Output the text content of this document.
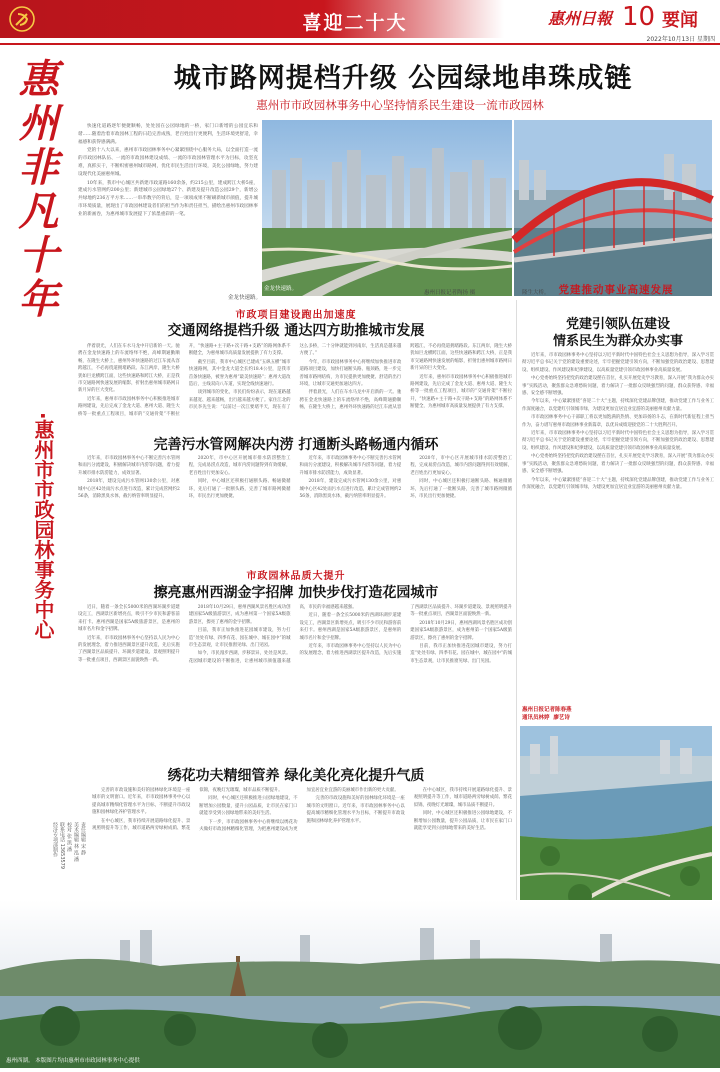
喜迎二十大	惠州日報 10 要闻
2022年10月13日 星期四
惠州非凡十年
·惠州市市政园林事务中心
责任编辑 宋 静
美术编辑 林 泓 潘
校对 张 凯 潘
联系电话 13653579
经济专项部制作
城市路网提档升级 公园绿地串珠成链
惠州市市政园林事务中心坚持情系民生建设一流市政园林

快速化道路逐年便捷顺畅，处处园在公园绿地的一桥，家门口新增的公园宜乐和谐……随着治着市政园林工程的日趋完善成熟，老百姓出行更便利，生活环境更舒适，幸福感和获得感满满。

党的十八大以来，惠州市市政园林事务中心紧紧围绕中心服务大局，以全面打造一流的市政园林队伍、一流的市政园林建设成绩、一流的市政园林管理水平为目标，攻坚克难，真抓实干，不断织密惠州城市路网，优化市民生活出行环境，美化公园绿地，努力建设现代化美丽惠州城。

10年来，我市中心城区共新建市政道路160余条，约215公里，建成跨江大桥5座，建成污水管网约200公里；新建城市公园绿地27个、新建及提升改造公园29个，新增公共绿地约236万平方米……一串串数字的背后，是一项项成果不断刷新城市颜值，提升城市环境质量，展现出了市政园林建设者们的担当作为和责任担当，描绘出惠州市政园林事业的新画卷，为惠州城市发展提下了浓墨重彩的一笔。

金龙快速路。
惠州日报记者陶扬 摄	隆生大桥。
金龙快速路。
市政项目建设跑出加速度
交通网络提档升级 通达四方助推城市发展

伴着晨光，人们在车水马龙中开启新的一天。驰骋在金龙快速路上的车流络绎不绝，高峰期通勤顺畅，在隆生大桥上，惠州外环快速路的过江车流从容跨越江，不必再绕道拥堵路段。东江两岸，隆生大桥犹如巨龙横跨江面，这些快速路和跨江大桥，正是我市交通路网快速发展的缩影，折射出惠州城市路网日新月异的巨大变化。

近年来，惠州市市政园林事务中心积极推进城市路网建设，先后完成了金龙大道、惠州大道、隆生大桥等一批重点工程项目，城市的“交通骨架”不断拉开，“快速路+主干路+次干路+支路”的路网体系不断健全，为惠州城市高质量发展提供了有力支撑。

截至目前，我市中心城区已建成“五纵五横”城市快速路网，其中金龙大道全长约18.4公里，是我市首条快速路，被誉为惠州“最美快速路”；惠州大道改造后，主线双向八车道，实现全线快速通行。

谈到城市的变化，市民们纷纷表示，现在道路越来越宽、越来越畅，出行越来越方便了。家住江北的市民李先生说：“以前过一次江要堵半天，现在有了这么多桥，二十分钟就能到河南岸，生活真是越来越方便了。”

今年，市市政园林事务中心将继续加快推进市政道路项目建设，加快打通断头路、瓶颈路，进一步完善城市路网结构，为市民提供更加便捷、舒适的出行环境，让城市交通更加通达四方。

伴着晨光，人们在车水马龙中开启新的一天。驰骋在金龙快速路上的车流络绎不绝，高峰期通勤顺畅，在隆生大桥上，惠州外环快速路的过江车流从容跨越江，不必再绕道拥堵路段。东江两岸，隆生大桥犹如巨龙横跨江面，这些快速路和跨江大桥，正是我市交通路网快速发展的缩影，折射出惠州城市路网日新月异的巨大变化。

近年来，惠州市市政园林事务中心积极推进城市路网建设，先后完成了金龙大道、惠州大道、隆生大桥等一批重点工程项目，城市的“交通骨架”不断拉开，“快速路+主干路+次干路+支路”的路网体系不断健全，为惠州城市高质量发展提供了有力支撑。

完善污水管网解决内涝 打通断头路畅通内循环

近年来，市市政园林事务中心不断完善污水管网和雨污分流建设，积极解决城市内涝等问题，着力提升城市排水防涝能力，成效显著。

2018年，建设完成污水管网130余公里，对惠城中心区42处雨污水点进行改造，累计完成管网约256条，消除黑臭水体，截污纳管率明显提升。

2020年，市中心区开展城市排水防涝整治工程，完成易涝点改造，城市内涝问题得到有效缓解，老百姓出行更加安心。

同时，中心城区还积极打通断头路、畅通微循环，先后打通了一批断头路，完善了城市路网微循环，市民出行更加便捷。

近年来，市市政园林事务中心不断完善污水管网和雨污分流建设，积极解决城市内涝等问题，着力提升城市排水防涝能力，成效显著。

2018年，建设完成污水管网130余公里，对惠城中心区42处雨污水点进行改造，累计完成管网约256条，消除黑臭水体，截污纳管率明显提升。

2020年，市中心区开展城市排水防涝整治工程，完成易涝点改造，城市内涝问题得到有效缓解，老百姓出行更加安心。

同时，中心城区还积极打通断头路、畅通微循环，先后打通了一批断头路，完善了城市路网微循环，市民出行更加便捷。

市政园林品质大提升
擦亮惠州西湖金字招牌 加快步伐打造花园城市

近日，随着一条全长5000米的西湖环湖步道建设完工，西湖景区新增亮点，吸引不少市民和游客前来打卡。惠州西湖是国家5A级旅游景区，是惠州的城市名片和金字招牌。

近年来，市市政园林事务中心坚持以人民为中心的发展理念，着力推进西湖景区提升改造，先后实施了西湖景区品质提升、环湖步道建设、景观照明提升等一批重点项目，西湖景区面貌焕然一新。

2018年10月29日，惠州西湖风景名胜区成功创建国家5A级旅游景区，成为惠州第一个国家5A级旅游景区，擦亮了惠州的金字招牌。

目前，我市正加快推进花园城市建设，努力打造“处处有绿、四季有花、园在城中、城在园中”的城市生态景观，让市民推窗见绿、出门见园。

如今，市民漫步西湖，步移景异，处处是风景。花园城市建设的不断推进，让惠州城市颜值越来越高，市民的幸福感越来越强。

近日，随着一条全长5000米的西湖环湖步道建设完工，西湖景区新增亮点，吸引不少市民和游客前来打卡。惠州西湖是国家5A级旅游景区，是惠州的城市名片和金字招牌。

近年来，市市政园林事务中心坚持以人民为中心的发展理念，着力推进西湖景区提升改造，先后实施了西湖景区品质提升、环湖步道建设、景观照明提升等一批重点项目，西湖景区面貌焕然一新。

2018年10月29日，惠州西湖风景名胜区成功创建国家5A级旅游景区，成为惠州第一个国家5A级旅游景区，擦亮了惠州的金字招牌。

目前，我市正加快推进花园城市建设，努力打造“处处有绿、四季有花、园在城中、城在园中”的城市生态景观，让市民推窗见绿、出门见园。

绣花功夫精细管养 绿化美化亮化提升气质

完善的市政设施和美好的园林绿化环境是一座城市的文明窗口。近年来，市市政园林事务中心以提高城市精细化管理水平为目标，不断提升市政设施和园林绿化养护管理水平。

在中心城区，我市持续开展道路绿化提升、景观照明提升等工作，城市道路两旁绿树成荫、繁花似锦，夜晚灯光璀璨，城市品质不断提升。

同时，中心城区还积极推进公园绿地建设，不断增加公园数量，提升公园品质，让市民在家门口就能享受到公园绿地带来的美好生活。

下一步，市市政园林事务中心将继续以绣花功夫做好市政园林精细化管理，为把惠州建设成为更加宜居宜业宜游的美丽城市作出新的更大贡献。

完善的市政设施和美好的园林绿化环境是一座城市的文明窗口。近年来，市市政园林事务中心以提高城市精细化管理水平为目标，不断提升市政设施和园林绿化养护管理水平。

在中心城区，我市持续开展道路绿化提升、景观照明提升等工作，城市道路两旁绿树成荫、繁花似锦，夜晚灯光璀璨，城市品质不断提升。

同时，中心城区还积极推进公园绿地建设，不断增加公园数量，提升公园品质，让市民在家门口就能享受到公园绿地带来的美好生活。

党建推动事业高速发展
党建引领队伍建设
情系民生为群众办实事

近年来，市市政园林事务中心坚持以习近平新时代中国特色社会主义思想为指导，深入学习贯彻习近平总书记关于党的建设重要论述，牢牢把握党建引领方向，不断加强党的政治建设、思想建设、组织建设、作风建设和纪律建设，以高质量党建引领市政园林事业高质量发展。

中心党委始终坚持把党的政治建设摆在首位，扎实开展党史学习教育，深入开展“我为群众办实事”实践活动，聚焦群众急难愁盼问题，着力解决了一批群众反映强烈的问题，群众获得感、幸福感、安全感不断增强。

今年以来，中心紧紧围绕“喜迎二十大”主题，持续深化党建品牌创建，推动党建工作与业务工作深度融合，以党建红引领城市绿，为建设更加宜居宜业宜游的美丽惠州贡献力量。

市市政园林事务中心干部职工将以更加饱满的热情、更加昂扬的斗志，在新时代新征程上担当作为，奋力谱写惠州市政园林事业新篇章，以优异成绩迎接党的二十大胜利召开。

近年来，市市政园林事务中心坚持以习近平新时代中国特色社会主义思想为指导，深入学习贯彻习近平总书记关于党的建设重要论述，牢牢把握党建引领方向，不断加强党的政治建设、思想建设、组织建设、作风建设和纪律建设，以高质量党建引领市政园林事业高质量发展。

中心党委始终坚持把党的政治建设摆在首位，扎实开展党史学习教育，深入开展“我为群众办实事”实践活动，聚焦群众急难愁盼问题，着力解决了一批群众反映强烈的问题，群众获得感、幸福感、安全感不断增强。

今年以来，中心紧紧围绕“喜迎二十大”主题，持续深化党建品牌创建，推动党建工作与业务工作深度融合，以党建红引领城市绿，为建设更加宜居宜业宜游的美丽惠州贡献力量。

惠州日报记者陈春燕
通讯员林婷  廖艺诗
惠州西湖。 本版图片均由惠州市市政园林事务中心提供
